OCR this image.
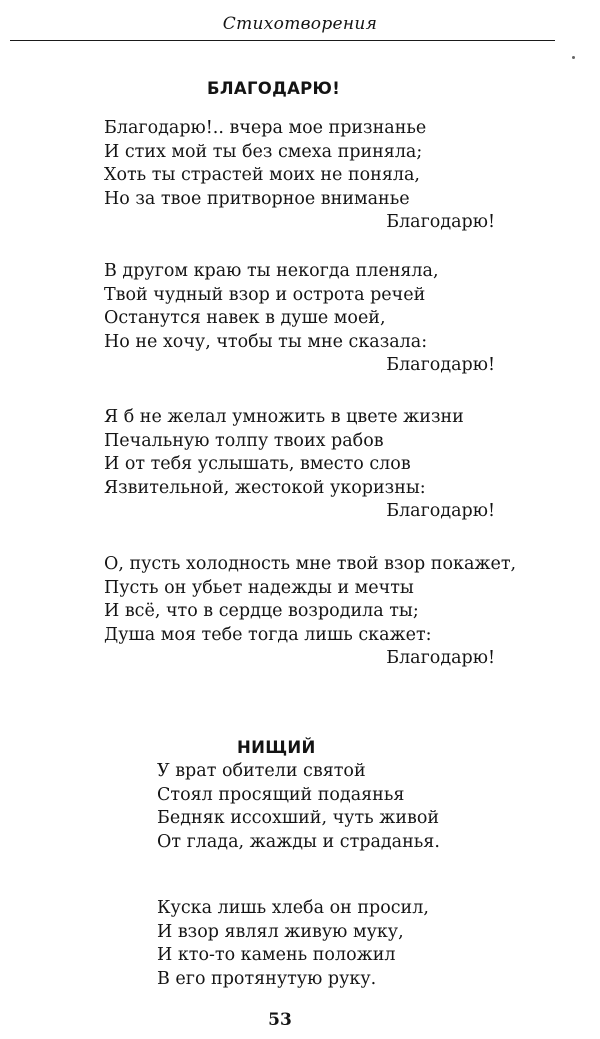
Стихотворения
БЛАГОДАРЮ!
Благодарю!.. вчера мое признанье
И стих мой ты без смеха приняла;
Хоть ты страстей моих не поняла,
Но за твое притворное вниманье
Благодарю!
В другом краю ты некогда пленяла,
Твой чудный взор и острота речей
Останутся навек в душе моей,
Но не хочу, чтобы ты мне сказала:
Благодарю!
Я б не желал умножить в цвете жизни
Печальную толпу твоих рабов
И от тебя услышать, вместо слов
Язвительной, жестокой укоризны:
Благодарю!
О, пусть холодность мне твой взор покажет,
Пусть он убьет надежды и мечты
И всё, что в сердце возродила ты;
Душа моя тебе тогда лишь скажет:
Благодарю!
НИЩИЙ
У врат обители святой
Стоял просящий подаянья
Бедняк иссохший, чуть живой
От глада, жажды и страданья.
Куска лишь хлеба он просил,
И взор являл живую муку,
И кто-то камень положил
В его протянутую руку.
53
